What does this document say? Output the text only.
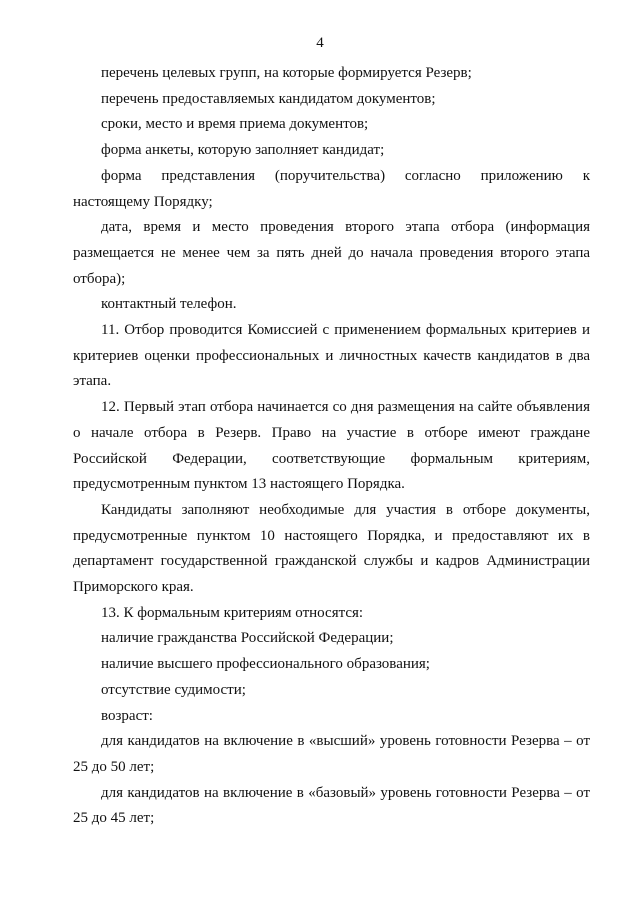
4

перечень целевых групп, на которые формируется Резерв;

перечень предоставляемых кандидатом документов;

сроки, место и время приема документов;

форма анкеты, которую заполняет кандидат;

форма представления (поручительства) согласно приложению к настоящему Порядку;

дата, время и место проведения второго этапа отбора (информация размещается не менее чем за пять дней до начала проведения второго этапа отбора);

контактный телефон.

11. Отбор проводится Комиссией с применением формальных критериев и критериев оценки профессиональных и личностных качеств кандидатов в два этапа.

12. Первый этап отбора начинается со дня размещения на сайте объявления о начале отбора в Резерв. Право на участие в отборе имеют граждане Российской Федерации, соответствующие формальным критериям, предусмотренным пунктом 13 настоящего Порядка.

Кандидаты заполняют необходимые для участия в отборе документы, предусмотренные пунктом 10 настоящего Порядка, и предоставляют их в департамент государственной гражданской службы и кадров Администрации Приморского края.

13. К формальным критериям относятся:

наличие гражданства Российской Федерации;

наличие высшего профессионального образования;

отсутствие судимости;

возраст:

для кандидатов на включение в «высший» уровень готовности Резерва – от 25 до 50 лет;

для кандидатов на включение в «базовый» уровень готовности Резерва – от 25 до 45 лет;
